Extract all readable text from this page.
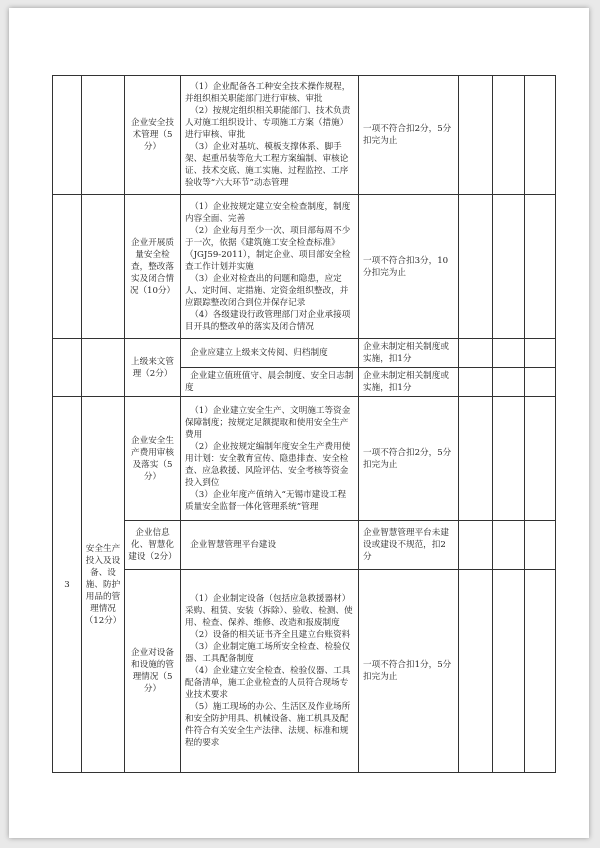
		企业安全技术管理（5分）	（1）企业配备各工种安全技术操作规程，并组织相关职能部门进行审核、审批
（2）按规定组织相关职能部门、技术负责人对施工组织设计、专项施工方案（措施）进行审核、审批
（3）企业对基坑、模板支撑体系、脚手架、起重吊装等危大工程方案编制、审核论证、技术交底、施工实施、过程监控、工序验收等“六大环节”动态管理	一项不符合扣2分，5分扣完为止			
		企业开展质量安全检查，整改落实及闭合情况（10分）	（1）企业按规定建立安全检查制度，制度内容全面、完善
（2）企业每月至少一次、项目部每周不少于一次，依据《建筑施工安全检查标准》（JGJ59-2011），制定企业、项目部安全检查工作计划并实施
（3）企业对检查出的问题和隐患，应定人、定时间、定措施、定资金组织整改，并应跟踪整改闭合到位并保存记录
（4）各级建设行政管理部门对企业承接项目开具的整改单的落实及闭合情况	一项不符合扣3分，10分扣完为止			
		上级来文管理（2分）	企业应建立上级来文传阅、归档制度	企业未制定相关制度或实施，扣1分			

			企业建立值班值守、晨会制度、安全日志制度	企业未制定相关制度或实施，扣1分			
3	安全生产投入及设备、设施、防护用品的管理情况（12分）	企业安全生产费用审核及落实（5分）	（1）企业建立安全生产、文明施工等资金保障制度；按规定足额提取和使用安全生产费用
（2）企业按规定编制年度安全生产费用使用计划：安全教育宣传、隐患排查、安全检查、应急救援、风险评估、安全考核等资金投入到位
（3）企业年度产值纳入“无锡市建设工程质量安全监督一体化管理系统”管理	一项不符合扣2分，5分扣完为止			
		企业信息化、智慧化建设（2分）	企业智慧管理平台建设	企业智慧管理平台未建设或建设不规范，扣2分			
		企业对设备和设施的管理情况（5分）	（1）企业制定设备（包括应急救援器材）采购、租赁、安装（拆除）、验收、检测、使用、检查、保养、维修、改造和报废制度
（2）设备的相关证书齐全且建立台账资料
（3）企业制定施工场所安全检查、检验仪器、工具配备制度
（4）企业建立安全检查、检验仪器、工具配备清单，施工企业检查的人员符合现场专业技术要求
（5）施工现场的办公、生活区及作业场所和安全防护用具、机械设备、施工机具及配件符合有关安全生产法律、法规、标准和规程的要求	一项不符合扣1分，5分扣完为止			
